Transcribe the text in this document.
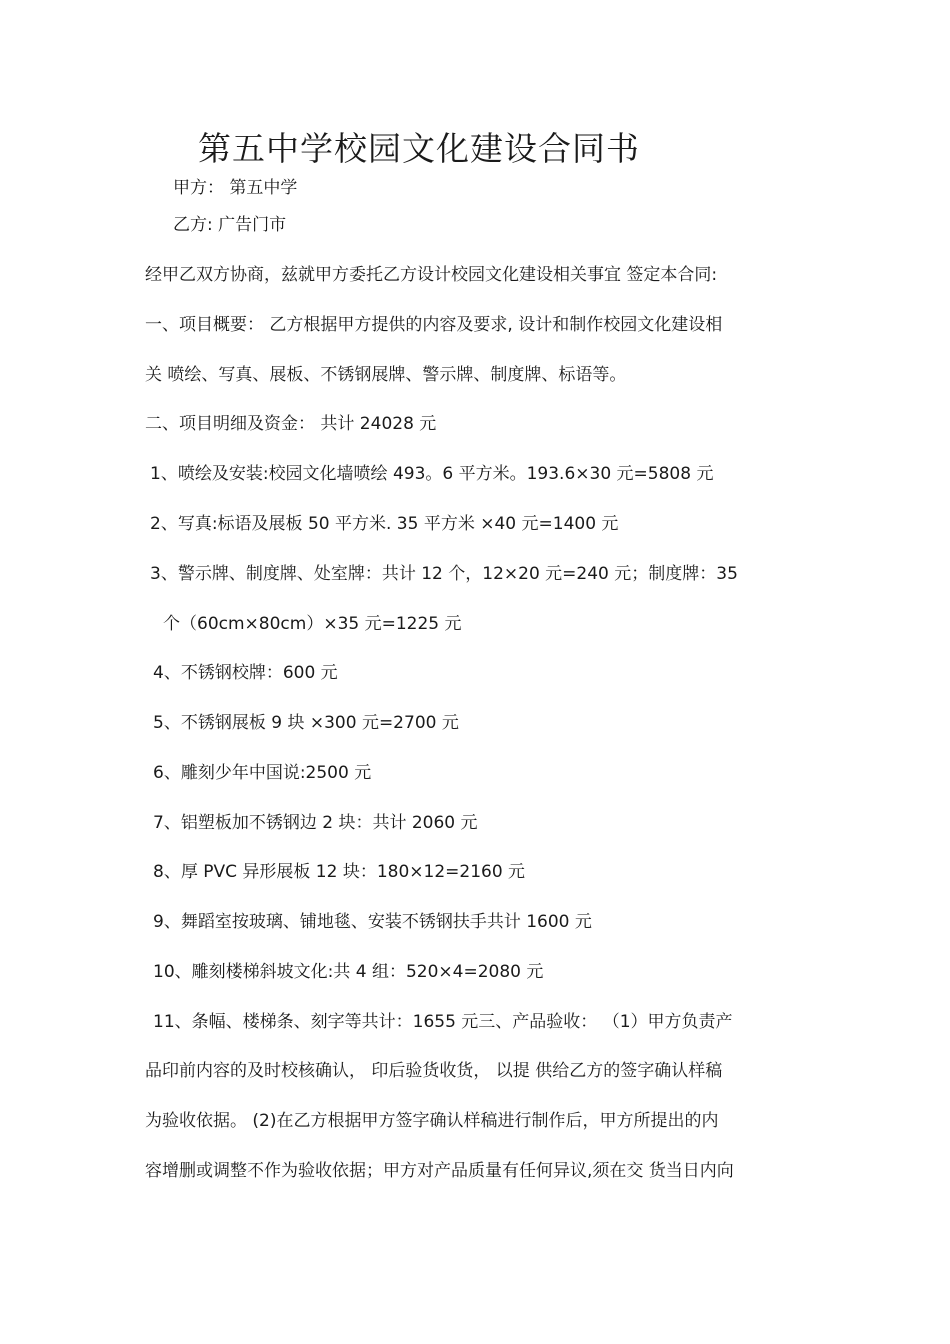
第五中学校园文化建设合同书
甲方： 第五中学
乙方: 广告门市
经甲乙双方协商，兹就甲方委托乙方设计校园文化建设相关事宜 签定本合同:
一、项目概要： 乙方根据甲方提供的内容及要求, 设计和制作校园文化建设相
关 喷绘、写真、展板、不锈钢展牌、警示牌、制度牌、标语等。
二、项目明细及资金： 共计 24028 元
1、喷绘及安装:校园文化墙喷绘 493。6 平方米。193.6×30 元=5808 元
2、写真:标语及展板 50 平方米. 35 平方米 ×40 元=1400 元
3、警示牌、制度牌、处室牌：共计 12 个，12×20 元=240 元；制度牌：35
个（60cm×80cm）×35 元=1225 元
4、不锈钢校牌：600 元
5、不锈钢展板 9 块 ×300 元=2700 元
6、雕刻少年中国说:2500 元
7、铝塑板加不锈钢边 2 块：共计 2060 元
8、厚 PVC 异形展板 12 块：180×12=2160 元
9、舞蹈室按玻璃、铺地毯、安装不锈钢扶手共计 1600 元
10、雕刻楼梯斜坡文化:共 4 组：520×4=2080 元
11、条幅、楼梯条、刻字等共计：1655 元三、产品验收： （1）甲方负责产
品印前内容的及时校核确认， 印后验货收货， 以提 供给乙方的签字确认样稿
为验收依据。 (2)在乙方根据甲方签字确认样稿进行制作后，甲方所提出的内
容增删或调整不作为验收依据；甲方对产品质量有任何异议,须在交 货当日内向
